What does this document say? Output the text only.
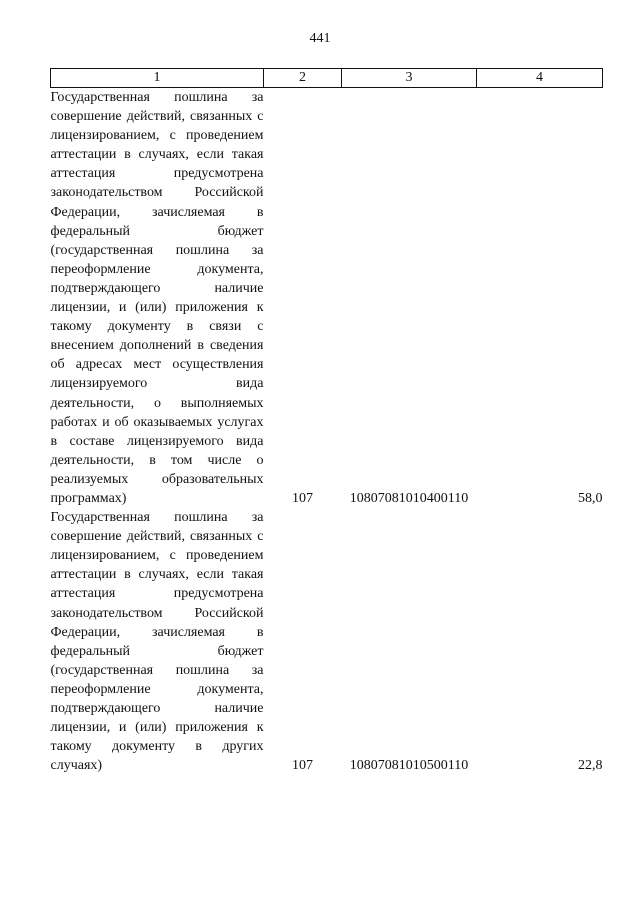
441
1	2	3	4

Государственная пошлина за совершение действий, связанных с лицензированием, с проведением аттестации в случаях, если такая аттестация предусмотрена законодательством Российской Федерации, зачисляемая в федеральный бюджет (государственная пошлина за переоформление документа, подтверждающего наличие лицензии, и (или) приложения к такому документу в связи с внесением дополнений в сведения об адресах мест осуществления лицензируемого вида деятельности, о выполняемых работах и об оказываемых услугах в составе лицензируемого вида деятельности, в том числе о реализуемых образовательных программах)	107	10807081010400110	58,0

Государственная пошлина за совершение действий, связанных с лицензированием, с проведением аттестации в случаях, если такая аттестация предусмотрена законодательством Российской Федерации, зачисляемая в федеральный бюджет (государственная пошлина за переоформление документа, подтверждающего наличие лицензии, и (или) приложения к такому документу в других случаях)	107	10807081010500110	22,8
